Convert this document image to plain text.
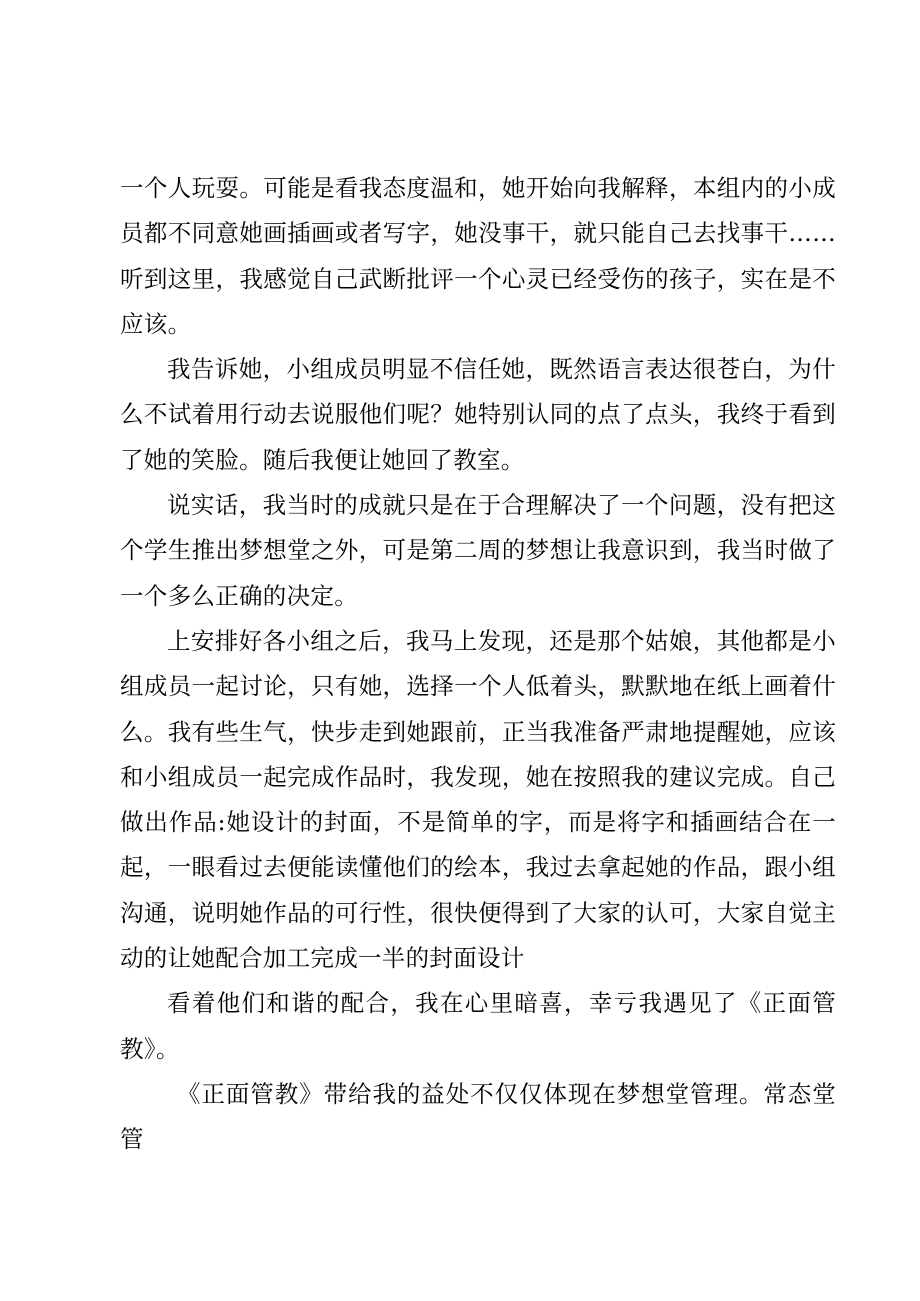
一个人玩耍。可能是看我态度温和，她开始向我解释，本组内的小成员都不同意她画插画或者写字，她没事干，就只能自己去找事干……听到这里，我感觉自己武断批评一个心灵已经受伤的孩子，实在是不应该。

我告诉她，小组成员明显不信任她，既然语言表达很苍白，为什么不试着用行动去说服他们呢？她特别认同的点了点头，我终于看到了她的笑脸。随后我便让她回了教室。

说实话，我当时的成就只是在于合理解决了一个问题，没有把这个学生推出梦想堂之外，可是第二周的梦想让我意识到，我当时做了一个多么正确的决定。

上安排好各小组之后，我马上发现，还是那个姑娘，其他都是小组成员一起讨论，只有她，选择一个人低着头，默默地在纸上画着什么。我有些生气，快步走到她跟前，正当我准备严肃地提醒她，应该和小组成员一起完成作品时，我发现，她在按照我的建议完成。自己做出作品:她设计的封面，不是简单的字，而是将字和插画结合在一起，一眼看过去便能读懂他们的绘本，我过去拿起她的作品，跟小组沟通，说明她作品的可行性，很快便得到了大家的认可，大家自觉主动的让她配合加工完成一半的封面设计

看着他们和谐的配合，我在心里暗喜，幸亏我遇见了《正面管教》。

《正面管教》带给我的益处不仅仅体现在梦想堂管理。常态堂管
